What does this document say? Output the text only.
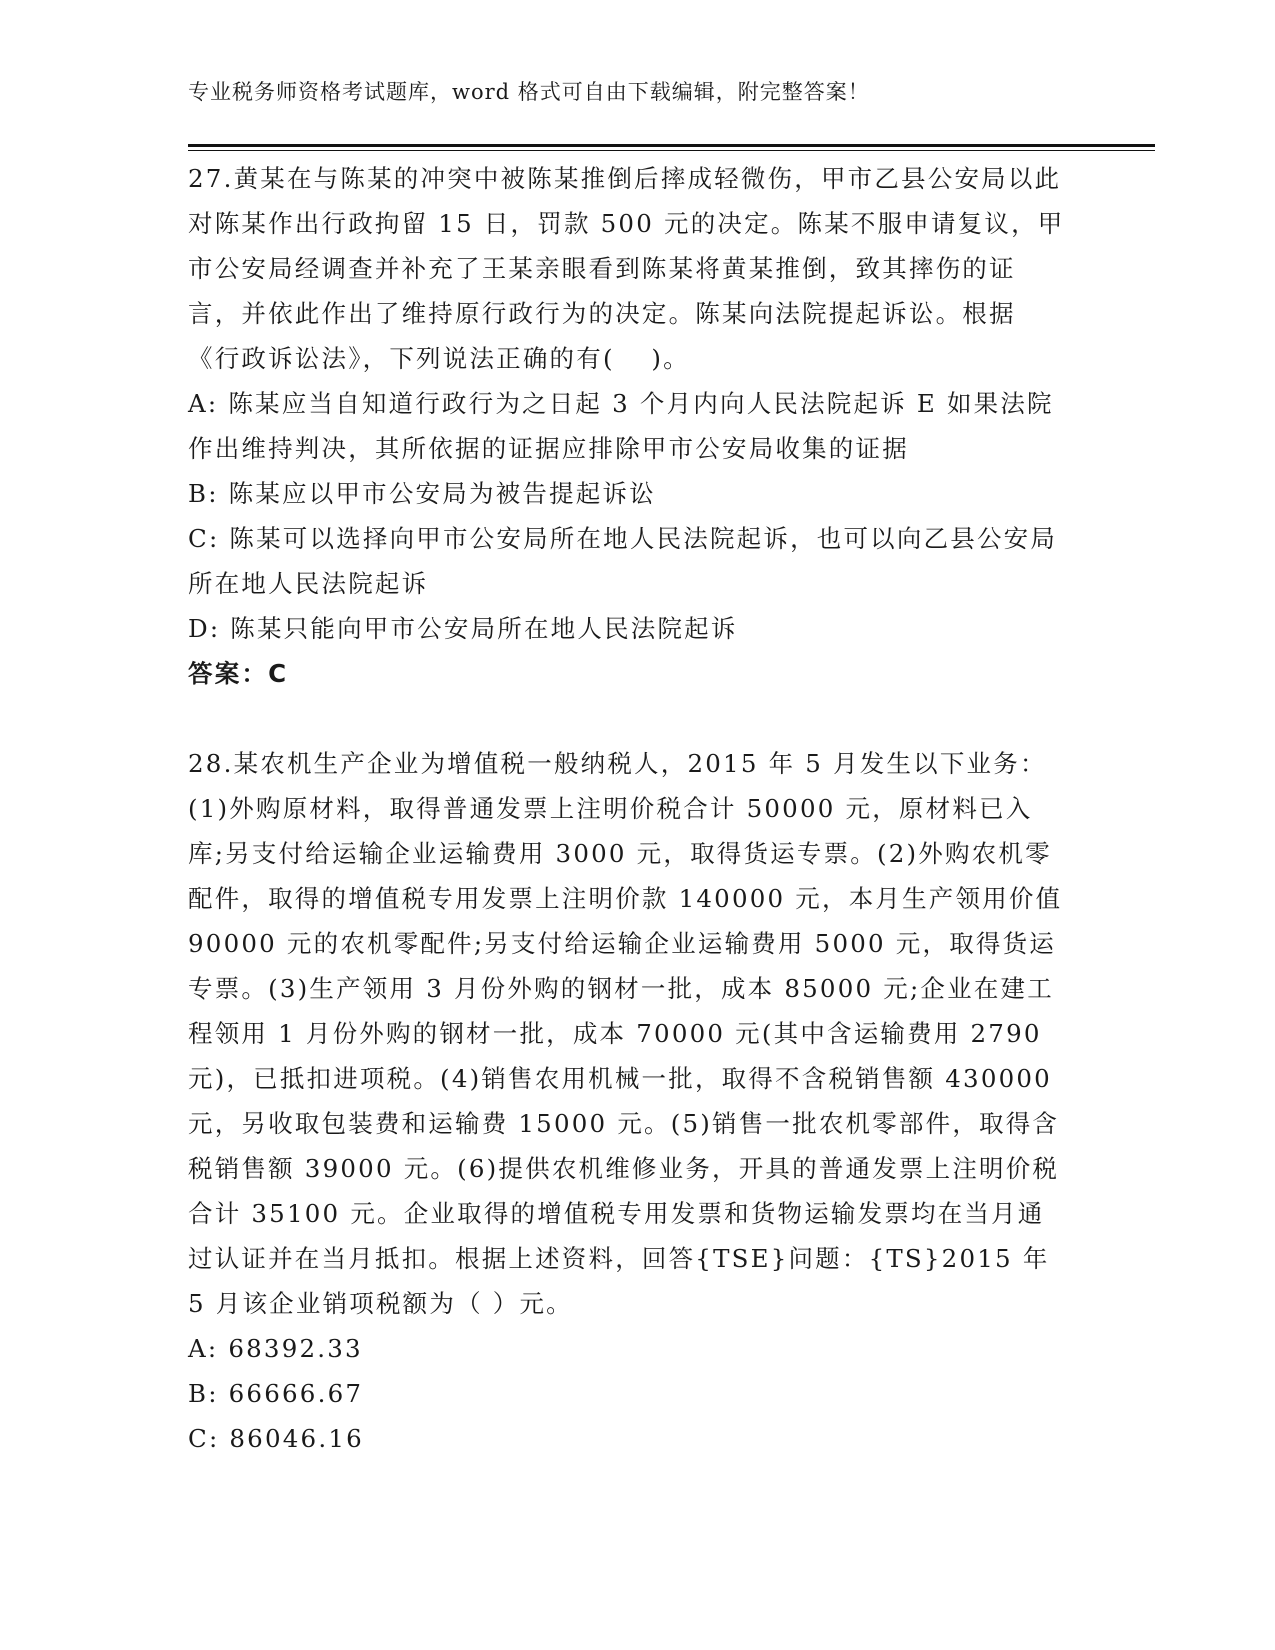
专业税务师资格考试题库，word 格式可自由下载编辑，附完整答案！

27.黄某在与陈某的冲突中被陈某推倒后摔成轻微伤，甲市乙县公安局以此对陈某作出行政拘留 15 日，罚款 500 元的决定。陈某不服申请复议，甲市公安局经调查并补充了王某亲眼看到陈某将黄某推倒，致其摔伤的证言，并依此作出了维持原行政行为的决定。陈某向法院提起诉讼。根据《行政诉讼法》，下列说法正确的有(　 )。

A: 陈某应当自知道行政行为之日起 3 个月内向人民法院起诉 E 如果法院作出维持判决，其所依据的证据应排除甲市公安局收集的证据

B: 陈某应以甲市公安局为被告提起诉讼

C: 陈某可以选择向甲市公安局所在地人民法院起诉，也可以向乙县公安局所在地人民法院起诉

D: 陈某只能向甲市公安局所在地人民法院起诉

答案：C

28.某农机生产企业为增值税一般纳税人，2015 年 5 月发生以下业务：(1)外购原材料，取得普通发票上注明价税合计 50000 元，原材料已入库;另支付给运输企业运输费用 3000 元，取得货运专票。(2)外购农机零配件，取得的增值税专用发票上注明价款 140000 元，本月生产领用价值 90000 元的农机零配件;另支付给运输企业运输费用 5000 元，取得货运专票。(3)生产领用 3 月份外购的钢材一批，成本 85000 元;企业在建工程领用 1 月份外购的钢材一批，成本 70000 元(其中含运输费用 2790 元)，已抵扣进项税。(4)销售农用机械一批，取得不含税销售额 430000 元，另收取包装费和运输费 15000 元。(5)销售一批农机零部件，取得含税销售额 39000 元。(6)提供农机维修业务，开具的普通发票上注明价税合计 35100 元。企业取得的增值税专用发票和货物运输发票均在当月通过认证并在当月抵扣。根据上述资料，回答{TSE}问题：{TS}2015 年 5 月该企业销项税额为（ ）元。

A: 68392.33

B: 66666.67

C: 86046.16
